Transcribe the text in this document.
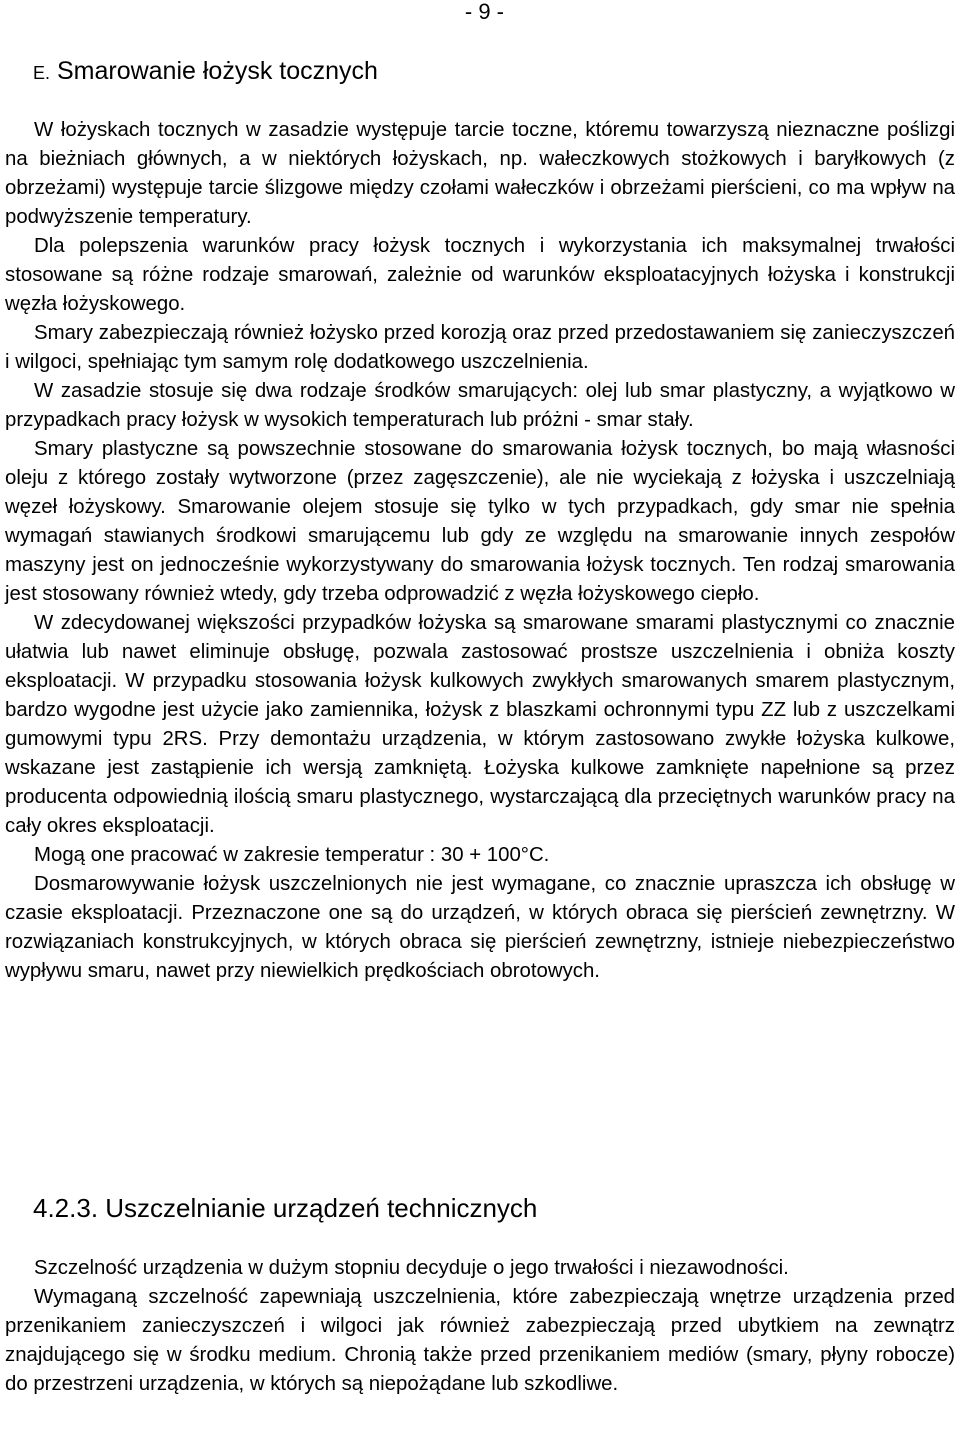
- 9 -
E. Smarowanie łożysk tocznych

W łożyskach tocznych w zasadzie występuje tarcie toczne, któremu towarzyszą nieznaczne poślizgi na bieżniach głównych, a w niektórych łożyskach, np. wałeczkowych stożkowych i baryłkowych (z obrzeżami) występuje tarcie ślizgowe między czołami wałeczków i obrzeżami pierścieni, co ma wpływ na podwyższenie temperatury.

Dla polepszenia warunków pracy łożysk tocznych i wykorzystania ich maksymalnej trwałości stosowane są różne rodzaje smarowań, zależnie od warunków eksploatacyjnych łożyska i konstrukcji węzła łożyskowego.

Smary zabezpieczają również łożysko przed korozją oraz przed przedostawaniem się zanieczyszczeń i wilgoci, spełniając tym samym rolę dodatkowego uszczelnienia.

W zasadzie stosuje się dwa rodzaje środków smarujących: olej lub smar plastyczny, a wyjątkowo w przypadkach pracy łożysk w wysokich temperaturach lub próżni - smar stały.

Smary plastyczne są powszechnie stosowane do smarowania łożysk tocznych, bo mają własności oleju z którego zostały wytworzone (przez zagęszczenie), ale nie wyciekają z łożyska i uszczelniają węzeł łożyskowy. Smarowanie olejem stosuje się tylko w tych przypadkach, gdy smar nie spełnia wymagań stawianych środkowi smarującemu lub gdy ze względu na smarowanie innych zespołów maszyny jest on jednocześnie wykorzystywany do smarowania łożysk tocznych. Ten rodzaj smarowania jest stosowany również wtedy, gdy trzeba odprowadzić z węzła łożyskowego ciepło.

W zdecydowanej większości przypadków łożyska są smarowane smarami plastycznymi co znacznie ułatwia lub nawet eliminuje obsługę, pozwala zastosować prostsze uszczelnienia i obniża koszty eksploatacji. W przypadku stosowania łożysk kulkowych zwykłych smarowanych smarem plastycznym, bardzo wygodne jest użycie jako zamiennika, łożysk z blaszkami ochronnymi typu ZZ lub z uszczelkami gumowymi typu 2RS. Przy demontażu urządzenia, w którym zastosowano zwykłe łożyska kulkowe, wskazane jest zastąpienie ich wersją zamkniętą. Łożyska kulkowe zamknięte napełnione są przez producenta odpowiednią ilością smaru plastycznego, wystarczającą dla przeciętnych warunków pracy na cały okres eksploatacji.

Mogą one pracować w zakresie temperatur : 30 + 100°C.

Dosmarowywanie łożysk uszczelnionych nie jest wymagane, co znacznie upraszcza ich obsługę w czasie eksploatacji. Przeznaczone one są do urządzeń, w których obraca się pierścień zewnętrzny. W rozwiązaniach konstrukcyjnych, w których obraca się pierścień zewnętrzny, istnieje niebezpieczeństwo wypływu smaru, nawet przy niewielkich prędkościach obrotowych.

4.2.3. Uszczelnianie urządzeń technicznych

Szczelność urządzenia w dużym stopniu decyduje o jego trwałości i niezawodności.

Wymaganą szczelność zapewniają uszczelnienia, które zabezpieczają wnętrze urządzenia przed przenikaniem zanieczyszczeń i wilgoci jak również zabezpieczają przed ubytkiem na zewnątrz znajdującego się w środku medium. Chronią także przed przenikaniem mediów (smary, płyny robocze) do przestrzeni urządzenia, w których są niepożądane lub szkodliwe.
